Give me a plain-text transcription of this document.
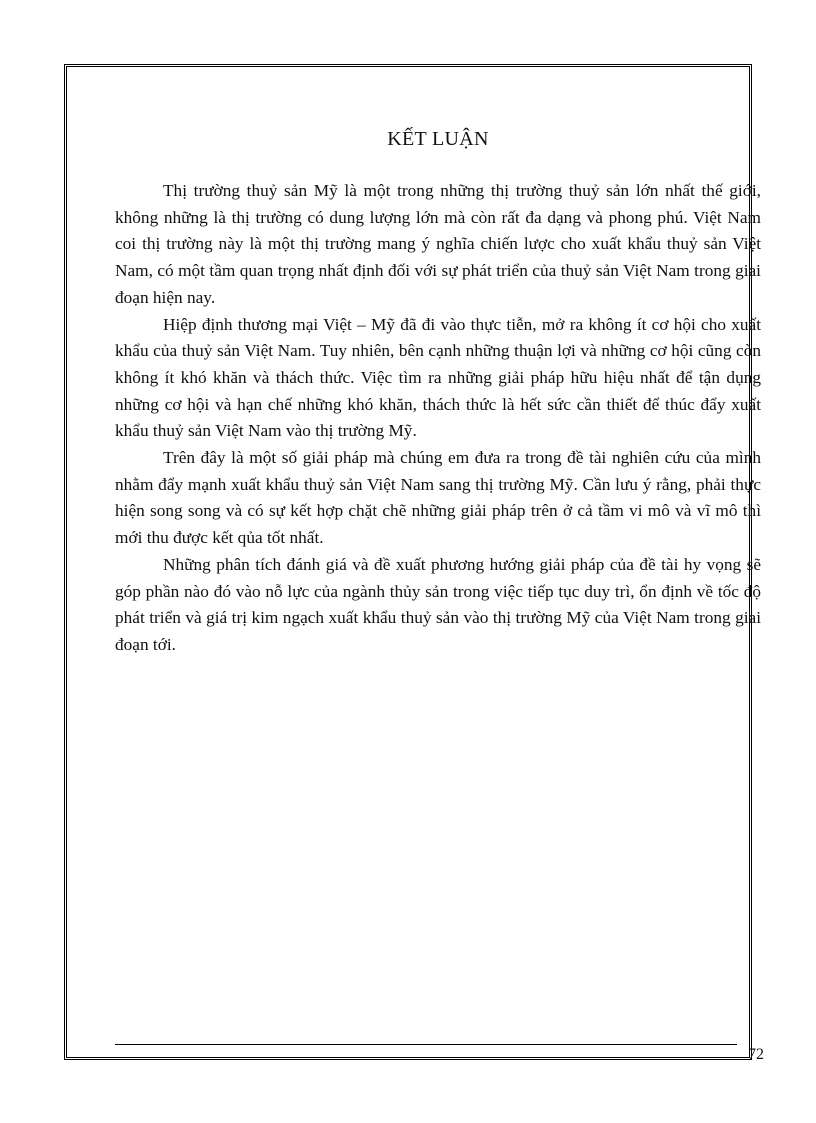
KẾT LUẬN

Thị trường thuỷ sản Mỹ là một trong những thị trường thuỷ sản lớn nhất thế giới, không những là thị trường có dung lượng lớn mà còn rất đa dạng và phong phú. Việt Nam coi thị trường này là một thị trường mang ý nghĩa chiến lược cho xuất khẩu thuỷ sản Việt Nam, có một tầm quan trọng nhất định đối với sự phát triển của thuỷ sản Việt Nam trong giai đoạn hiện nay.

Hiệp định thương mại Việt – Mỹ đã đi vào thực tiễn, mở ra không ít cơ hội cho xuất khẩu của thuỷ sản Việt Nam. Tuy nhiên, bên cạnh những thuận lợi và những cơ hội cũng còn không ít khó khăn và thách thức. Việc tìm ra những giải pháp hữu hiệu nhất để tận dụng những cơ hội và hạn chế những khó khăn, thách thức là hết sức cần thiết để thúc đẩy xuất khẩu thuỷ sản Việt Nam vào thị trường Mỹ.

Trên đây là một số giải pháp mà chúng em đưa ra trong đề tài nghiên cứu của mình nhằm đẩy mạnh xuất khẩu thuỷ sản Việt Nam sang thị trường Mỹ. Cần lưu ý rằng, phải thực hiện song song và có sự kết hợp chặt chẽ những giải pháp trên ở cả tầm vi mô và vĩ mô thì mới thu được kết qủa tốt nhất.

Những phân tích đánh giá và đề xuất phương hướng giải pháp của đề tài hy vọng sẽ góp phần nào đó vào nỗ lực của ngành thủy sản trong việc tiếp tục duy trì, ổn định về tốc độ phát triển và giá trị kim ngạch xuất khẩu thuỷ sản vào thị trường Mỹ của Việt Nam trong giai đoạn tới.

72
